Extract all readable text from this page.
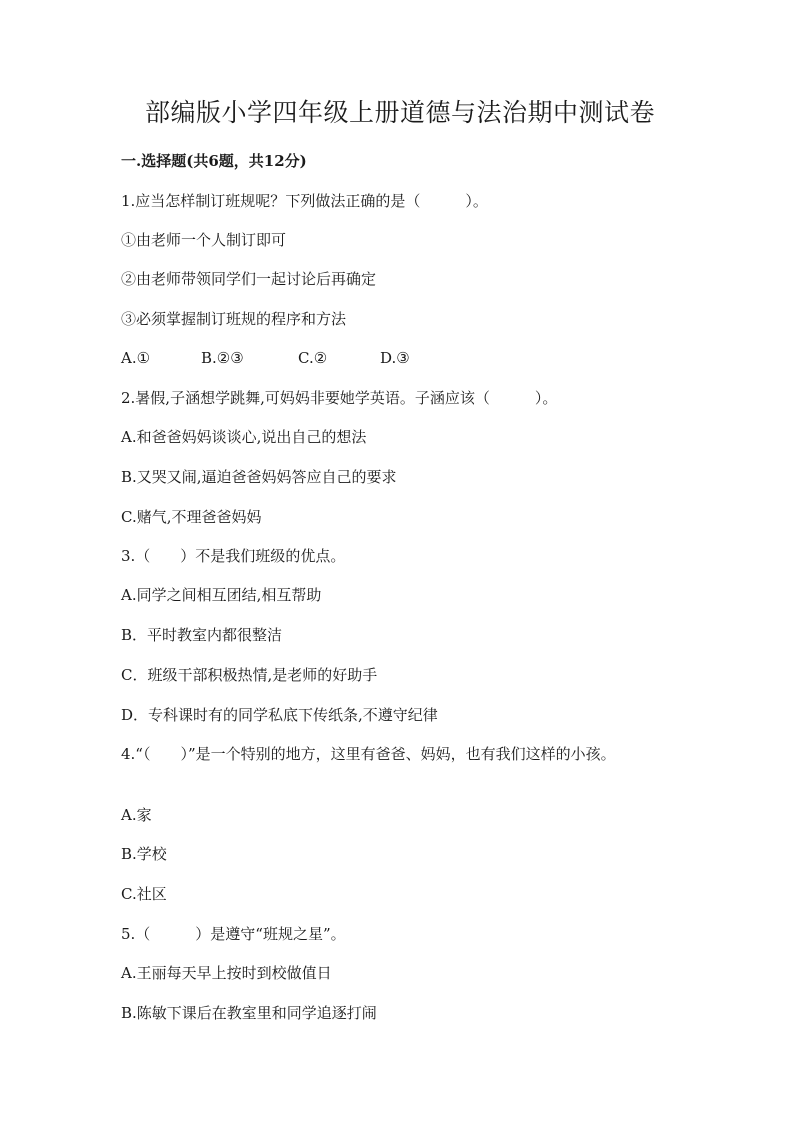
部编版小学四年级上册道德与法治期中测试卷
一.选择题(共6题，共12分)
1.应当怎样制订班规呢？下列做法正确的是（　　　）。
①由老师一个人制订即可
②由老师带领同学们一起讨论后再确定
③必须掌握制订班规的程序和方法
A.①	B.②③	C.②	D.③
2.暑假,子涵想学跳舞,可妈妈非要她学英语。子涵应该（　　　）。
A.和爸爸妈妈谈谈心,说出自己的想法
B.又哭又闹,逼迫爸爸妈妈答应自己的要求
C.赌气,不理爸爸妈妈
3.（　　）不是我们班级的优点。
A.同学之间相互团结,相互帮助
B．平时教室内都很整洁
C．班级干部积极热情,是老师的好助手
D．专科课时有的同学私底下传纸条,不遵守纪律
4.“（　　）”是一个特别的地方，这里有爸爸、妈妈，也有我们这样的小孩。
A.家
B.学校
C.社区
5.（　　　）是遵守“班规之星”。
A.王丽每天早上按时到校做值日
B.陈敏下课后在教室里和同学追逐打闹
